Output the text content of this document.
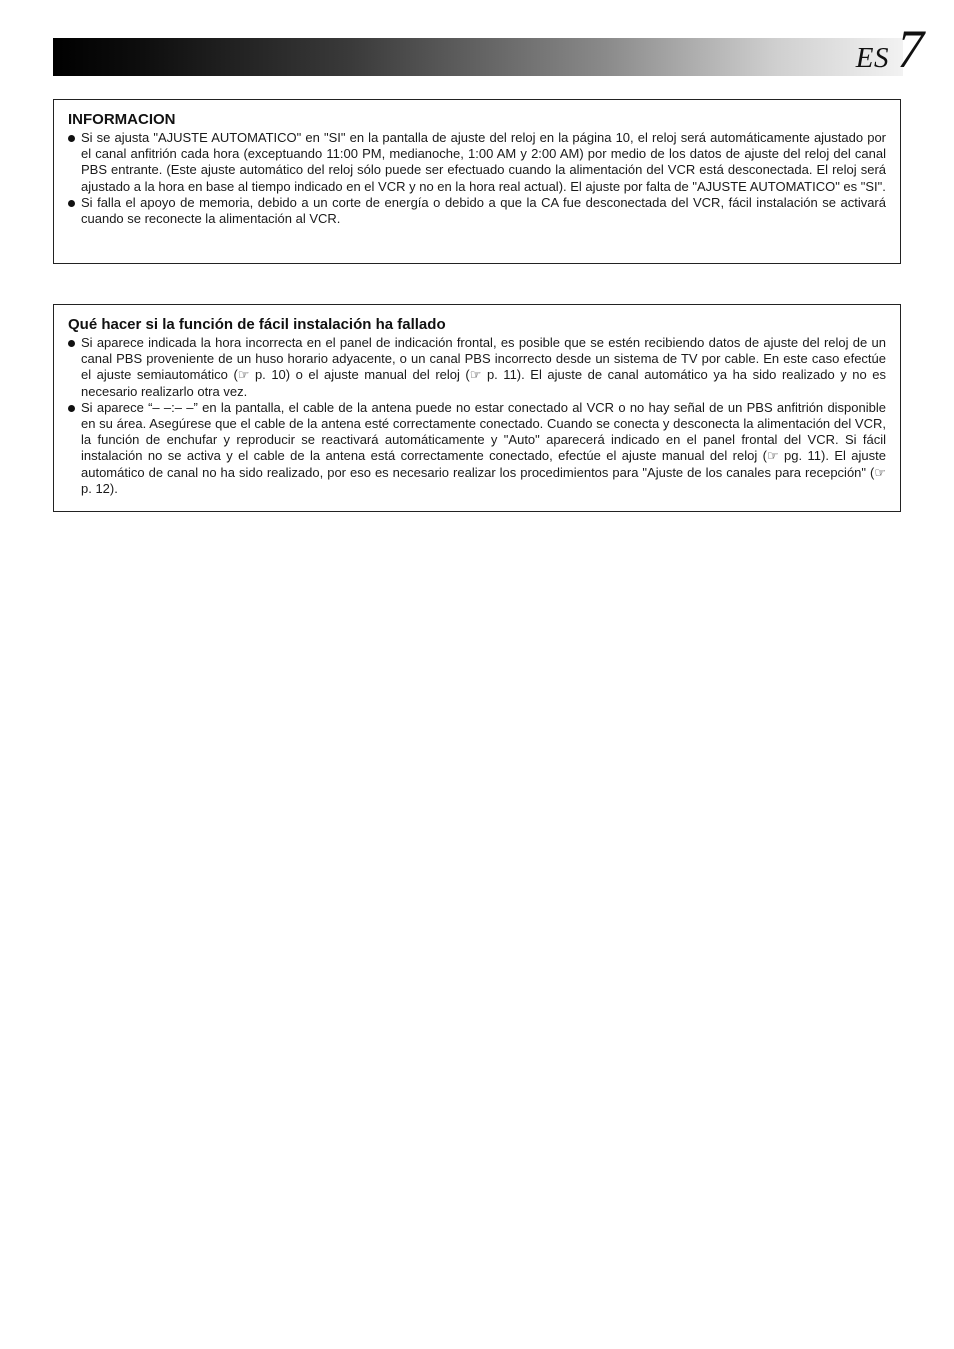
ES 7
INFORMACION
Si se ajusta "AJUSTE AUTOMATICO" en "SI" en la pantalla de ajuste del reloj en la página 10, el reloj será automáticamente ajustado por el canal anfitrión cada hora (exceptuando 11:00 PM, medianoche, 1:00 AM y 2:00 AM) por medio de los datos de ajuste del reloj del canal PBS entrante. (Este ajuste automático del reloj sólo puede ser efectuado cuando la alimentación del VCR está desconectada. El reloj será ajustado a la hora en base al tiempo indicado en el VCR y no en la hora real actual). El ajuste por falta de "AJUSTE AUTOMATICO" es "SI".
Si falla el apoyo de memoria, debido a un corte de energía o debido a que la CA fue desconectada del VCR, fácil instalación se activará cuando se reconecte la alimentación al VCR.
Qué hacer si la función de fácil instalación ha fallado
Si aparece indicada la hora incorrecta en el panel de indicación frontal, es posible que se estén recibiendo datos de ajuste del reloj de un canal PBS proveniente de un huso horario adyacente, o un canal PBS incorrecto desde un sistema de TV por cable. En este caso efectúe el ajuste semiautomático (☞ p. 10) o el ajuste manual del reloj (☞ p. 11). El ajuste de canal automático ya ha sido realizado y no es necesario realizarlo otra vez.
Si aparece “– –:– –” en la pantalla, el cable de la antena puede no estar conectado al VCR o no hay señal de un PBS anfitrión disponible en su área. Asegúrese que el cable de la antena esté correctamente conectado. Cuando se conecta y desconecta la alimentación del VCR, la función de enchufar y reproducir se reactivará automáticamente y "Auto" aparecerá indicado en el panel frontal del VCR. Si fácil instalación no se activa y el cable de la antena está correctamente conectado, efectúe el ajuste manual del reloj (☞ pg. 11). El ajuste automático de canal no ha sido realizado, por eso es necesario realizar los procedimientos para "Ajuste de los canales para recepción" (☞ p. 12).
